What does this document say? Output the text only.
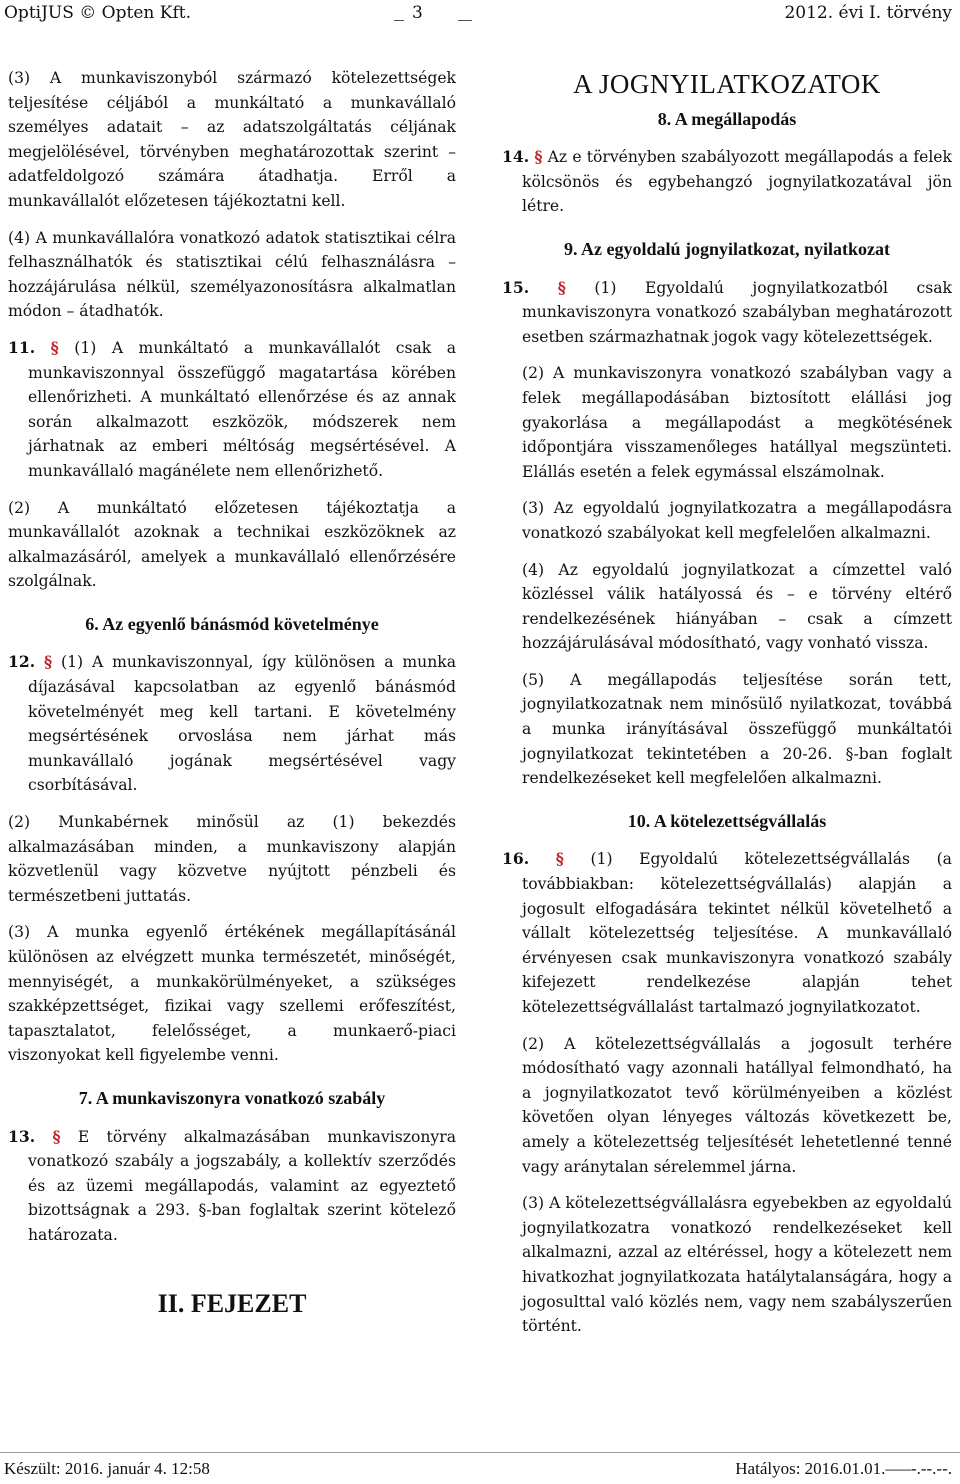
OptiJUS © Opten Kft.	3	2012. évi I. törvény

(3) A munkaviszonyból származó kötelezettségek teljesítése céljából a munkáltató a munkavállaló személyes adatait – az adatszolgáltatás céljának megjelölésével, törvényben meghatározottak szerint – adatfeldolgozó számára átadhatja. Erről a munkavállalót előzetesen tájékoztatni kell.

(4) A munkavállalóra vonatkozó adatok statisztikai célra felhasználhatók és statisztikai célú felhasználásra – hozzájárulása nélkül, személyazonosításra alkalmatlan módon – átadhatók.

11. § (1) A munkáltató a munkavállalót csak a munkaviszonnyal összefüggő magatartása körében ellenőrizheti. A munkáltató ellenőrzése és az annak során alkalmazott eszközök, módszerek nem járhatnak az emberi méltóság megsértésével. A munkavállaló magánélete nem ellenőrizhető.

(2) A munkáltató előzetesen tájékoztatja a munkavállalót azoknak a technikai eszközöknek az alkalmazásáról, amelyek a munkavállaló ellenőrzésére szolgálnak.

6. Az egyenlő bánásmód követelménye

12. § (1) A munkaviszonnyal, így különösen a munka díjazásával kapcsolatban az egyenlő bánásmód követelményét meg kell tartani. E követelmény megsértésének orvoslása nem járhat más munkavállaló jogának megsértésével vagy csorbításával.

(2) Munkabérnek minősül az (1) bekezdés alkalmazásában minden, a munkaviszony alapján közvetlenül vagy közvetve nyújtott pénzbeli és természetbeni juttatás.

(3) A munka egyenlő értékének megállapításánál különösen az elvégzett munka természetét, minőségét, mennyiségét, a munkakörülményeket, a szükséges szakképzettséget, fizikai vagy szellemi erőfeszítést, tapasztalatot, felelősséget, a munkaerő-piaci viszonyokat kell figyelembe venni.

7. A munkaviszonyra vonatkozó szabály

13. § E törvény alkalmazásában munkaviszonyra vonatkozó szabály a jogszabály, a kollektív szerződés és az üzemi megállapodás, valamint az egyeztető bizottságnak a 293. §-ban foglaltak szerint kötelező határozata.

II. FEJEZET
A JOGNYILATKOZATOK
8. A megállapodás

14. § Az e törvényben szabályozott megállapodás a felek kölcsönös és egybehangzó jognyilatkozatával jön létre.

9. Az egyoldalú jognyilatkozat, nyilatkozat

15. § (1) Egyoldalú jognyilatkozatból csak munkaviszonyra vonatkozó szabályban meghatározott esetben származhatnak jogok vagy kötelezettségek.

(2) A munkaviszonyra vonatkozó szabályban vagy a felek megállapodásában biztosított elállási jog gyakorlása a megállapodást a megkötésének időpontjára visszamenőleges hatállyal megszünteti. Elállás esetén a felek egymással elszámolnak.

(3) Az egyoldalú jognyilatkozatra a megállapodásra vonatkozó szabályokat kell megfelelően alkalmazni.

(4) Az egyoldalú jognyilatkozat a címzettel való közléssel válik hatályossá és – e törvény eltérő rendelkezésének hiányában – csak a címzett hozzájárulásával módosítható, vagy vonható vissza.

(5) A megállapodás teljesítése során tett, jognyilatkozatnak nem minősülő nyilatkozat, továbbá a munka irányításával összefüggő munkáltatói jognyilatkozat tekintetében a 20-26. §-ban foglalt rendelkezéseket kell megfelelően alkalmazni.

10. A kötelezettségvállalás

16. § (1) Egyoldalú kötelezettségvállalás (a továbbiakban: kötelezettségvállalás) alapján a jogosult elfogadására tekintet nélkül követelhető a vállalt kötelezettség teljesítése. A munkavállaló érvényesen csak munkaviszonyra vonatkozó szabály kifejezett rendelkezése alapján tehet kötelezettségvállalást tartalmazó jognyilatkozatot.

(2) A kötelezettségvállalás a jogosult terhére módosítható vagy azonnali hatállyal felmondható, ha a jognyilatkozatot tevő körülményeiben a közlést követően olyan lényeges változás következett be, amely a kötelezettség teljesítését lehetetlenné tenné vagy aránytalan sérelemmel járna.

(3) A kötelezettségvállalásra egyebekben az egyoldalú jognyilatkozatra vonatkozó rendelkezéseket kell alkalmazni, azzal az eltéréssel, hogy a kötelezett nem hivatkozhat jognyilatkozata hatálytalanságára, hogy a jogosulttal való közlés nem, vagy nem szabályszerűen történt.

Készült: 2016. január 4. 12:58	Hatályos: 2016.01.01.–––-.--.--.
